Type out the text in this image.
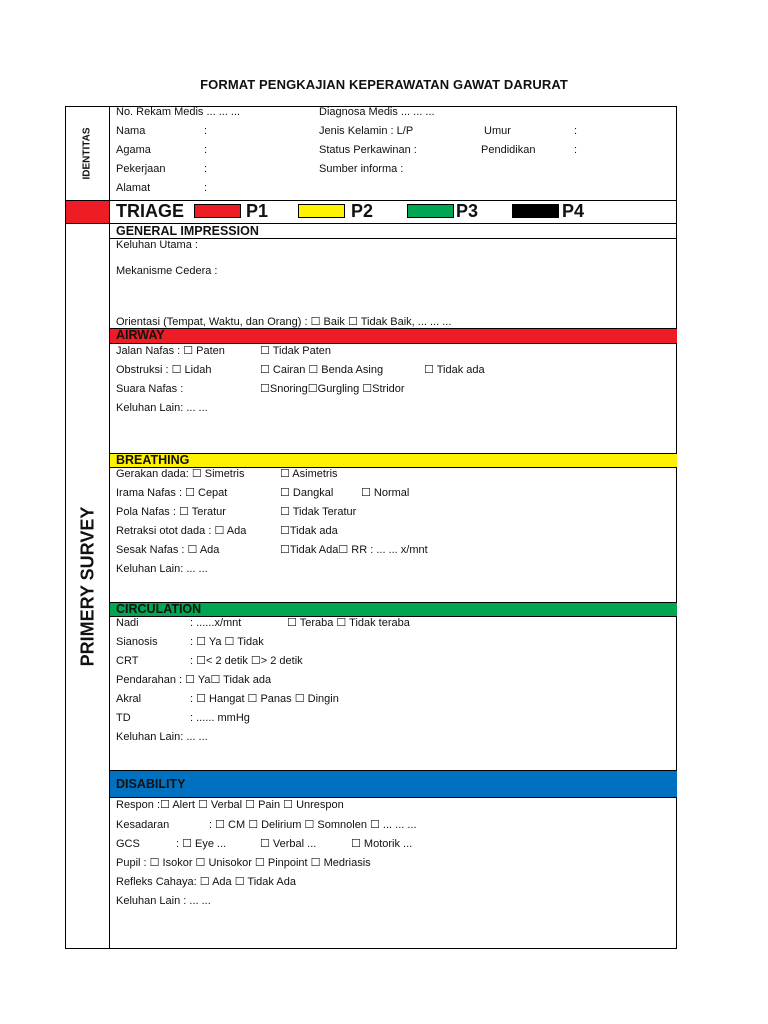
FORMAT PENGKAJIAN KEPERAWATAN GAWAT DARURAT
IDENTITAS
No. Rekam Medis ... ... ...	Diagnosa Medis ... ... ...
Nama	:	Jenis Kelamin : L/P	Umur	:
Agama	:	Status Perkawinan :	Pendidikan	:
Pekerjaan	:	Sumber informa :
Alamat	:
TRIAGE	P1	P2	P3	P4
PRIMERY SURVEY
GENERAL IMPRESSION
Keluhan Utama :
Mekanisme Cedera :
Orientasi (Tempat, Waktu, dan Orang) : ☐ Baik ☐ Tidak Baik, ... ... ...
AIRWAY
Jalan Nafas : ☐ Paten	☐ Tidak Paten
Obstruksi : ☐ Lidah	☐ Cairan ☐ Benda Asing	☐ Tidak ada
Suara Nafas :	☐Snoring☐Gurgling ☐Stridor
Keluhan Lain: ... ...
BREATHING
Gerakan dada: ☐ Simetris	☐ Asimetris
Irama Nafas : ☐ Cepat	☐ Dangkal	☐ Normal
Pola Nafas : ☐ Teratur	☐ Tidak Teratur
Retraksi otot dada : ☐ Ada	☐Tidak ada
Sesak Nafas : ☐ Ada	☐Tidak Ada☐ RR : ... ... x/mnt
Keluhan Lain: ... ...
CIRCULATION
Nadi	: ......x/mnt	☐ Teraba ☐ Tidak teraba
Sianosis	: ☐ Ya ☐ Tidak
CRT	: ☐< 2 detik ☐> 2 detik
Pendarahan : ☐ Ya☐ Tidak ada
Akral	: ☐ Hangat ☐ Panas ☐ Dingin
TD	: ...... mmHg
Keluhan Lain: ... ...
DISABILITY
Respon :☐ Alert ☐ Verbal ☐ Pain ☐ Unrespon
Kesadaran	: ☐ CM ☐ Delirium ☐ Somnolen ☐ ... ... ...
GCS	: ☐ Eye ...	☐ Verbal ...	☐ Motorik ...
Pupil : ☐ Isokor ☐ Unisokor ☐ Pinpoint ☐ Medriasis
Refleks Cahaya: ☐ Ada ☐ Tidak Ada
Keluhan Lain : ... ...
